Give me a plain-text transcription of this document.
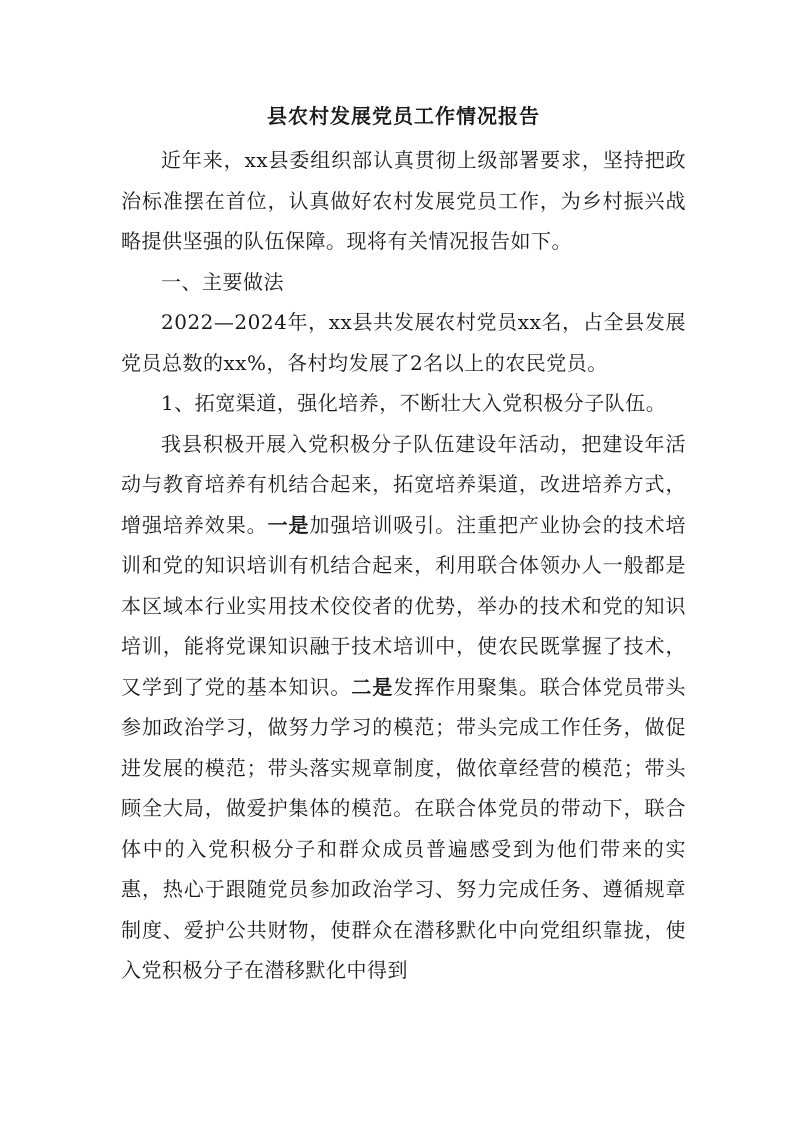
县农村发展党员工作情况报告

近年来，xx县委组织部认真贯彻上级部署要求，坚持把政治标准摆在首位，认真做好农村发展党员工作，为乡村振兴战略提供坚强的队伍保障。现将有关情况报告如下。

一、主要做法

2022—2024年，xx县共发展农村党员xx名，占全县发展党员总数的xx%，各村均发展了2名以上的农民党员。

1、拓宽渠道，强化培养，不断壮大入党积极分子队伍。

我县积极开展入党积极分子队伍建设年活动，把建设年活动与教育培养有机结合起来，拓宽培养渠道，改进培养方式，增强培养效果。一是加强培训吸引。注重把产业协会的技术培训和党的知识培训有机结合起来，利用联合体领办人一般都是本区域本行业实用技术佼佼者的优势，举办的技术和党的知识培训，能将党课知识融于技术培训中，使农民既掌握了技术，又学到了党的基本知识。二是发挥作用聚集。联合体党员带头参加政治学习，做努力学习的模范；带头完成工作任务，做促进发展的模范；带头落实规章制度，做依章经营的模范；带头顾全大局，做爱护集体的模范。在联合体党员的带动下，联合体中的入党积极分子和群众成员普遍感受到为他们带来的实惠，热心于跟随党员参加政治学习、努力完成任务、遵循规章制度、爱护公共财物，使群众在潜移默化中向党组织靠拢，使入党积极分子在潜移默化中得到
